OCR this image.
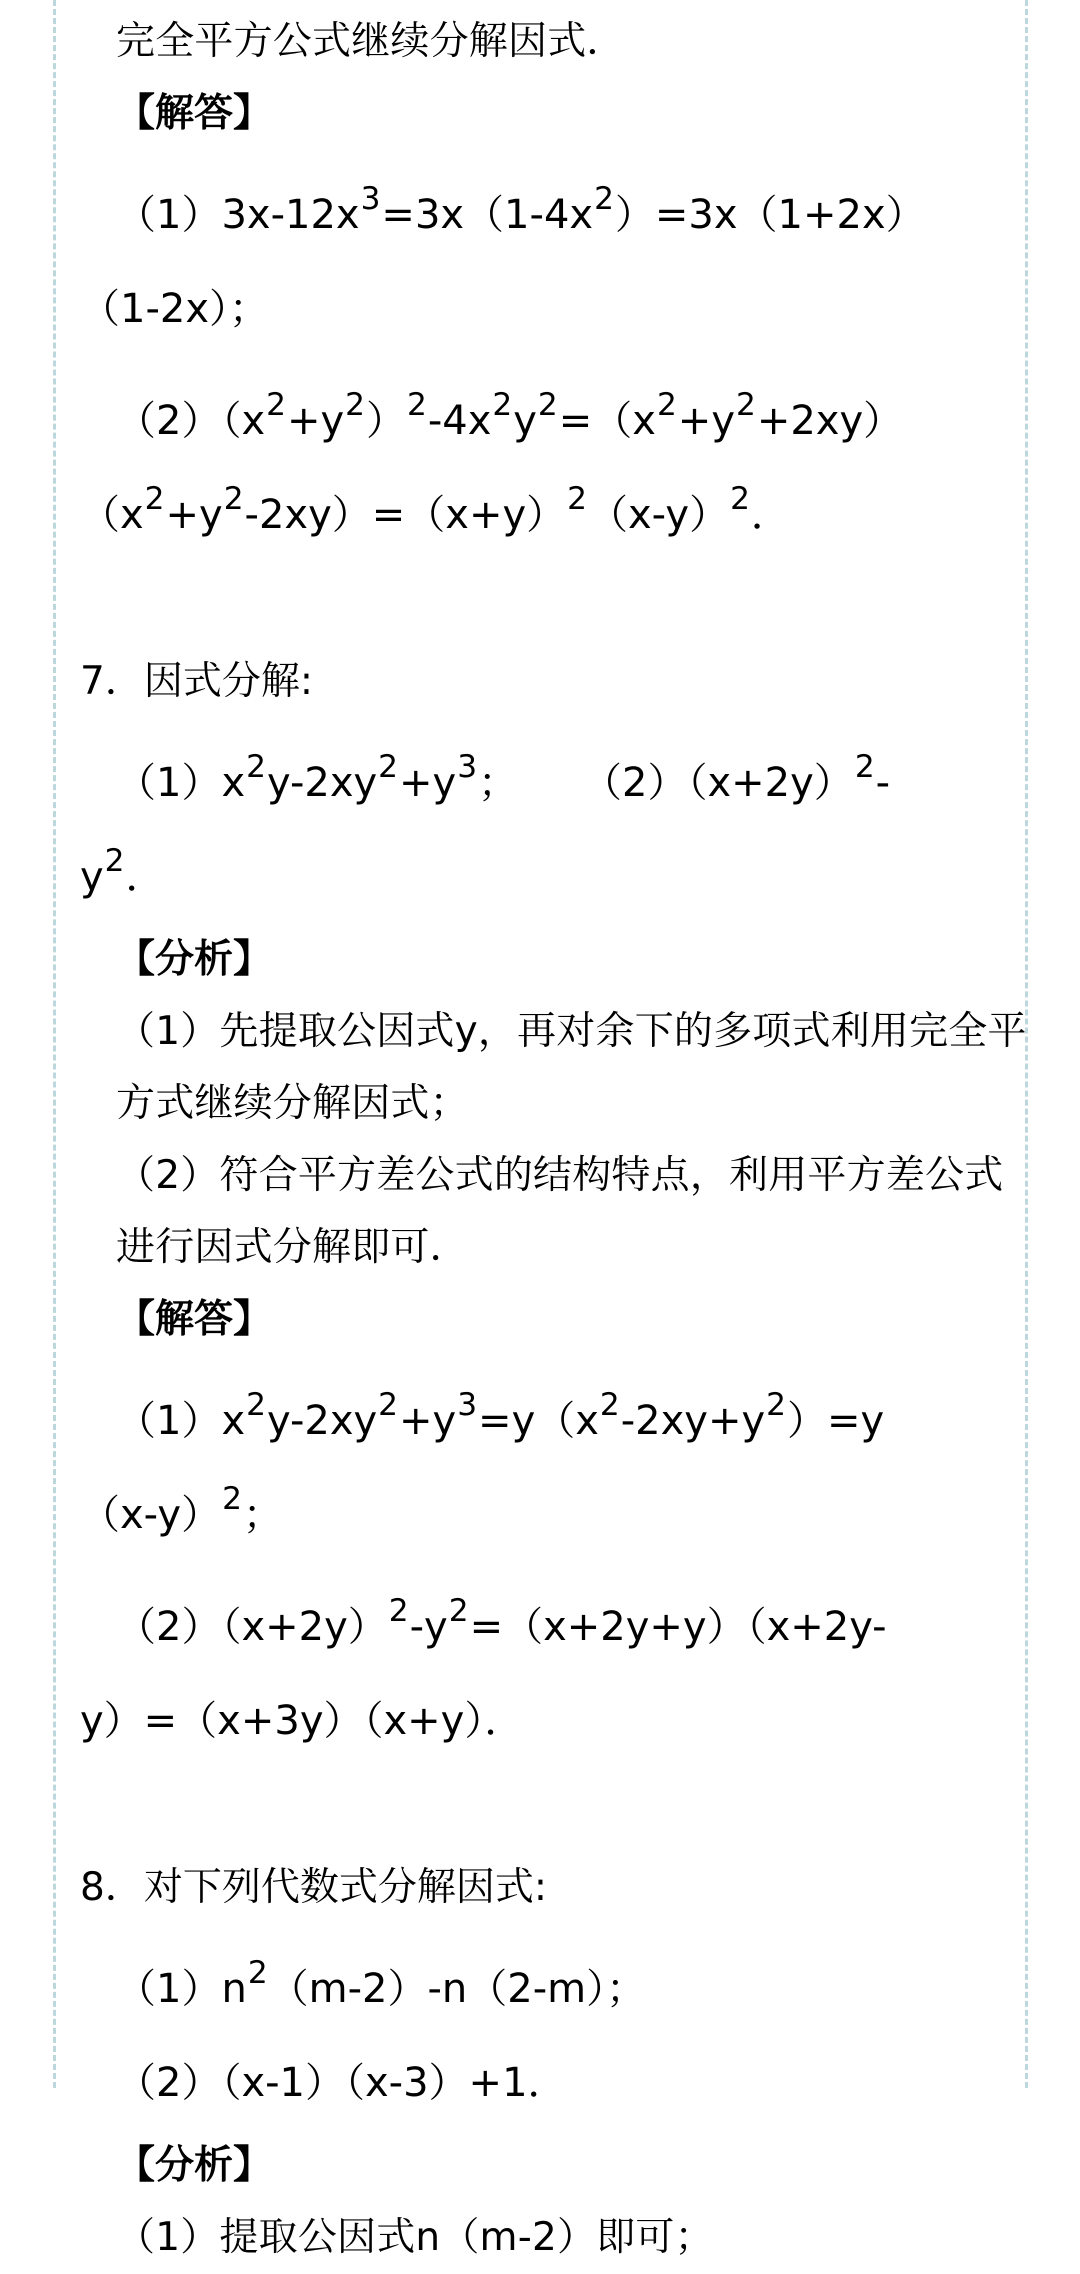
完全平方公式继续分解因式．
【解答】
$(1)3x-12x^3=3x(1-4x^2)=3x(1+2x)$
（1-2x）；
$(2)(x^2+y^2)^2-4x^2y^2=(x^2+y^2+2xy)$
$(x^2+y^2-2xy)=(x+y)^2(x-y)^2$．
7．因式分解:
$(1)x^2y-2xy^2+y^3$； $(2)(x+2y)^2-$
$y^2$．
【分析】
（1）先提取公因式y，再对余下的多项式利用完全平方式继续分解因式；
（2）符合平方差公式的结构特点，利用平方差公式进行因式分解即可．
【解答】
$(1)x^2y-2xy^2+y^3=y(x^2-2xy+y^2)=y$
$(x-y)^2$；
$(2)(x+2y)^2-y^2=(x+2y+y)(x+2y-$
y）=（x+3y）（x+y）．
8．对下列代数式分解因式:
$(1)n^2(m-2)-n(2-m)$；
（2）（x-1）（x-3）+1．
【分析】
（1）提取公因式n（m-2）即可；
